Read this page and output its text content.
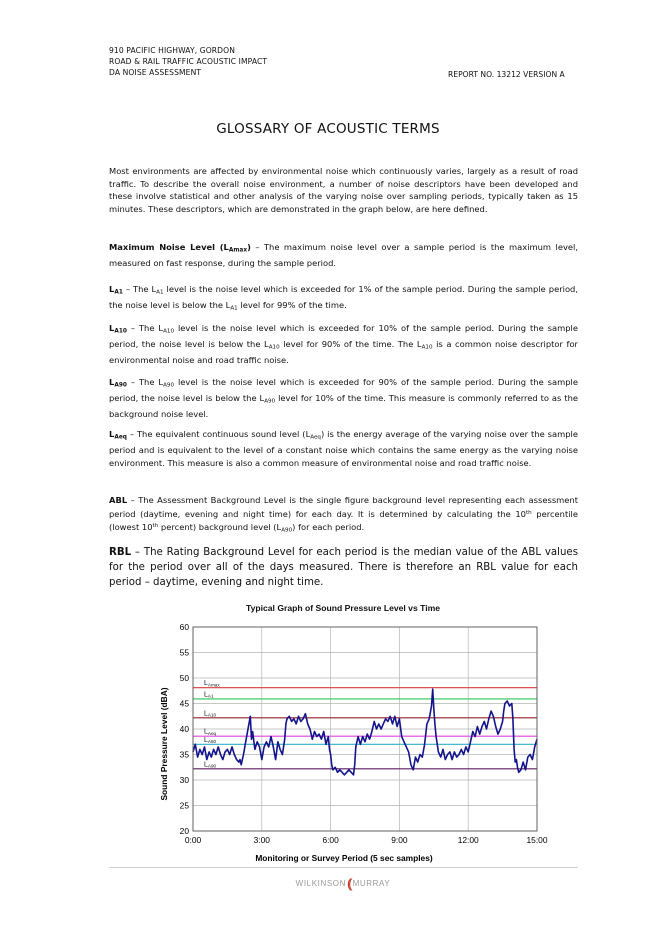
910 PACIFIC HIGHWAY, GORDON
ROAD & RAIL TRAFFIC ACOUSTIC IMPACT
DA NOISE ASSESSMENT	REPORT NO. 13212 VERSION A
GLOSSARY OF ACOUSTIC TERMS

Most environments are affected by environmental noise which continuously varies, largely as a result of road traffic. To describe the overall noise environment, a number of noise descriptors have been developed and these involve statistical and other analysis of the varying noise over sampling periods, typically taken as 15 minutes. These descriptors, which are demonstrated in the graph below, are here defined.

Maximum Noise Level (LAmax) – The maximum noise level over a sample period is the maximum level, measured on fast response, during the sample period.

LA1 – The $L_{A1}$ level is the noise level which is exceeded for 1% of the sample period. During the sample period, the noise level is below the $L_{A1}$ level for 99% of the time.

LA10 – The $L_{A10}$ level is the noise level which is exceeded for 10% of the sample period. During the sample period, the noise level is below the $L_{A10}$ level for 90% of the time. The $L_{A10}$ is a common noise descriptor for environmental noise and road traffic noise.

LA90 – The $L_{A90}$ level is the noise level which is exceeded for 90% of the sample period. During the sample period, the noise level is below the $L_{A90}$ level for 10% of the time. This measure is commonly referred to as the background noise level.

LAeq – The equivalent continuous sound level $(L_{Aeq})$ is the energy average of the varying noise over the sample period and is equivalent to the level of a constant noise which contains the same energy as the varying noise environment. This measure is also a common measure of environmental noise and road traffic noise.

ABL – The Assessment Background Level is the single figure background level representing each assessment period (daytime, evening and night time) for each day. It is determined by calculating the 10th percentile (lowest 10th percent) background level $(L_{A90})$ for each period.

RBL – The Rating Background Level for each period is the median value of the ABL values for the period over all of the days measured. There is therefore an RBL value for each period – daytime, evening and night time.

Typical Graph of Sound Pressure Level vs Time
20
25
30
35
40
45
50
55
60
0:00	3:00	6:00	9:00	12:00	15:00
LAmax
LA1
LA10
LAeq
LA50
LA90
Sound Pressure Level (dBA)
Monitoring or Survey Period (5 sec samples)
WILKINSON(( MURRAY
